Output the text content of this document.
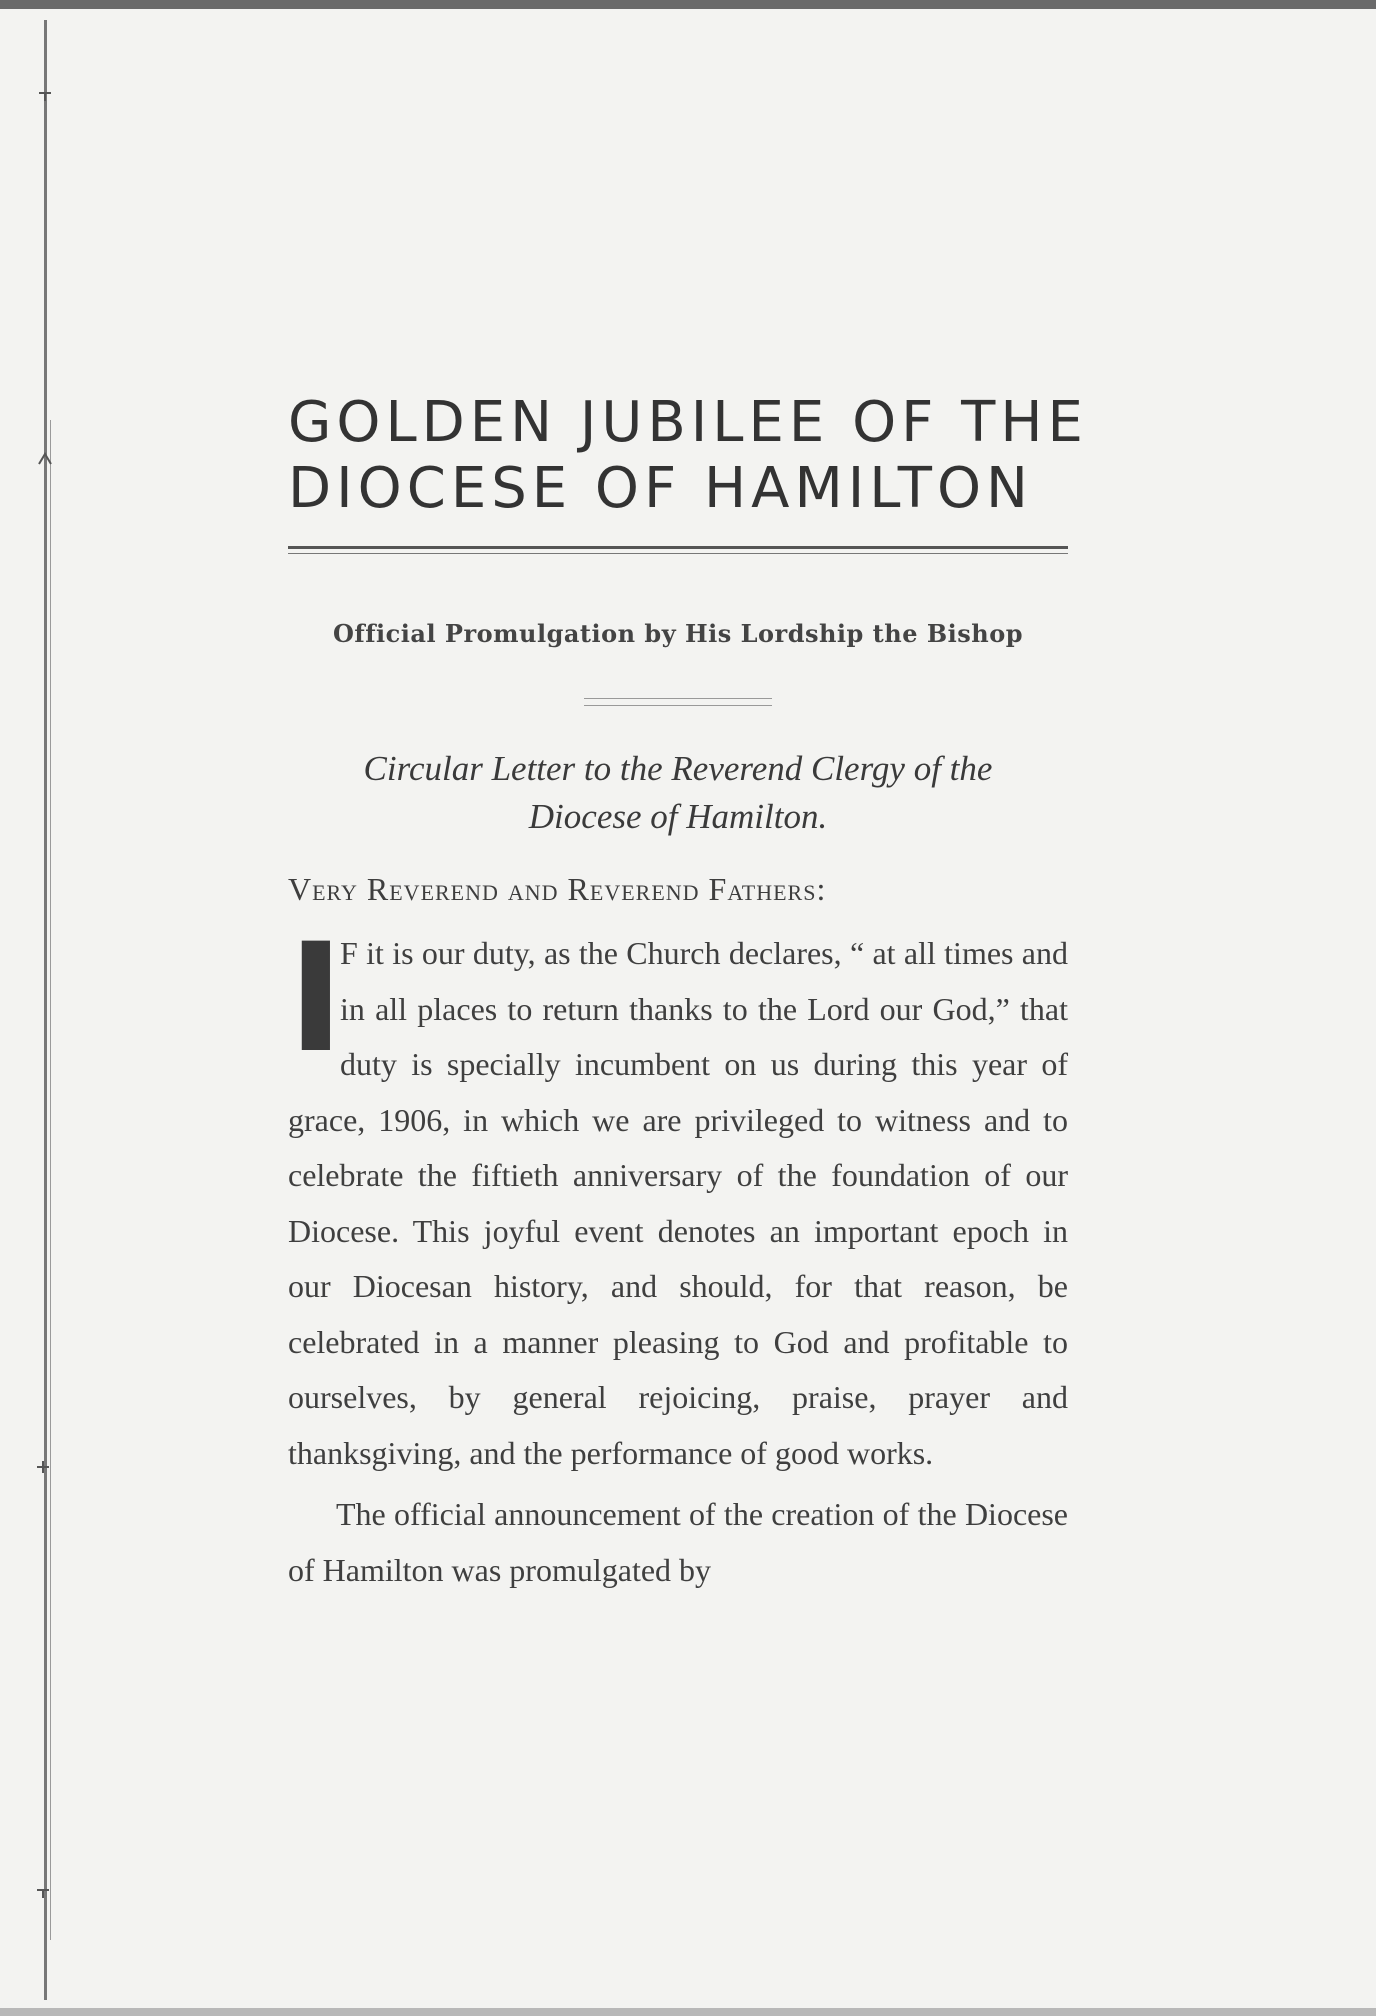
GOLDEN JUBILEE OF THE
DIOCESE OF HAMILTON
Official Promulgation by His Lordship the Bishop
Circular Letter to the Reverend Clergy of the
Diocese of Hamilton.
Very Reverend and Reverend Fathers:
I
F it is our duty, as the Church declares, “ at all times and in all places to return thanks to the Lord our God,” that duty is specially incumbent on us during this year of grace, 1906, in which we are privileged to witness and to celebrate the fiftieth anniversary of the foundation of our Diocese. This joyful event denotes an important epoch in our Diocesan history, and should, for that reason, be celebrated in a manner pleasing to God and profitable to ourselves, by general rejoicing, praise, prayer and thanksgiving, and the performance of good works.
The official announcement of the creation of the Diocese of Hamilton was promulgated by
